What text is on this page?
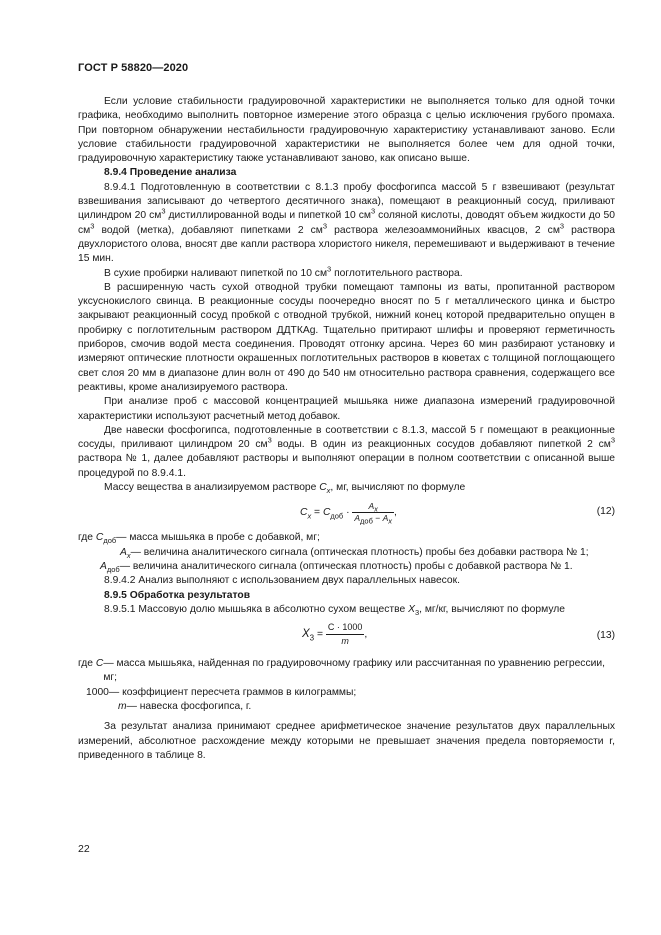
ГОСТ Р 58820—2020

Если условие стабильности градуировочной характеристики не выполняется только для одной точки графика, необходимо выполнить повторное измерение этого образца с целью исключения грубого промаха. При повторном обнаружении нестабильности градуировочную характеристику устанавливают заново. Если условие стабильности градуировочной характеристики не выполняется более чем для одной точки, градуировочную характеристику также устанавливают заново, как описано выше.

8.9.4 Проведение анализа

8.9.4.1 Подготовленную в соответствии с 8.1.3 пробу фосфогипса массой 5 г взвешивают (результат взвешивания записывают до четвертого десятичного знака), помещают в реакционный сосуд, приливают цилиндром 20 $см^3$ дистиллированной воды и пипеткой 10 $см^3$ соляной кислоты, доводят объем жидкости до 50 $см^3$ водой (метка), добавляют пипетками 2 $см^3$ раствора железоаммонийных квасцов, 2 $см^3$ раствора двухлористого олова, вносят две капли раствора хлористого никеля, перемешивают и выдерживают в течение 15 мин.

В сухие пробирки наливают пипеткой по 10 $см^3$ поглотительного раствора.

В расширенную часть сухой отводной трубки помещают тампоны из ваты, пропитанной раствором уксуснокислого свинца. В реакционные сосуды поочередно вносят по 5 г металлического цинка и быстро закрывают реакционный сосуд пробкой с отводной трубкой, нижний конец которой предварительно опущен в пробирку с поглотительным раствором ДДТКAg. Тщательно притирают шлифы и проверяют герметичность приборов, смочив водой места соединения. Проводят отгонку арсина. Через 60 мин разбирают установку и измеряют оптические плотности окрашенных поглотительных растворов в кюветах с толщиной поглощающего свет слоя 20 мм в диапазоне длин волн от 490 до 540 нм относительно раствора сравнения, содержащего все реактивы, кроме анализируемого раствора.

При анализе проб с массовой концентрацией мышьяка ниже диапазона измерений градуировочной характеристики используют расчетный метод добавок.

Две навески фосфогипса, подготовленные в соответствии с 8.1.3, массой 5 г помещают в реакционные сосуды, приливают цилиндром 20 $см^3$ воды. В один из реакционных сосудов добавляют пипеткой 2 $см^3$ раствора № 1, далее добавляют растворы и выполняют операции в полном соответствии с описанной выше процедурой по 8.9.4.1.

Массу вещества в анализируемом растворе $C_x$, мг, вычисляют по формуле

$C_x = C_{доб} \cdot \frac{A_x}{A_{доб} - A_x}$ ,	(12)
где $C_{доб}$ — масса мышьяка в пробе с добавкой, мг;
$A_x$ — величина аналитического сигнала (оптическая плотность) пробы без добавки раствора № 1;
$A_{доб}$ — величина аналитического сигнала (оптическая плотность) пробы с добавкой раствора № 1.

8.9.4.2 Анализ выполняют с использованием двух параллельных навесок.

8.9.5 Обработка результатов

8.9.5.1 Массовую долю мышьяка в абсолютно сухом веществе $X_3$, мг/кг, вычисляют по формуле

$X_3 = \frac{C \cdot 1000}{m}$ ,	(13)
где C — масса мышьяка, найденная по градуировочному графику или рассчитанная по уравнению регрессии, мг;
1000 — коэффициент пересчета граммов в килограммы;
m — навеска фосфогипса, г.

За результат анализа принимают среднее арифметическое значение результатов двух параллельных измерений, абсолютное расхождение между которыми не превышает значения предела повторяемости r, приведенного в таблице 8.

22
